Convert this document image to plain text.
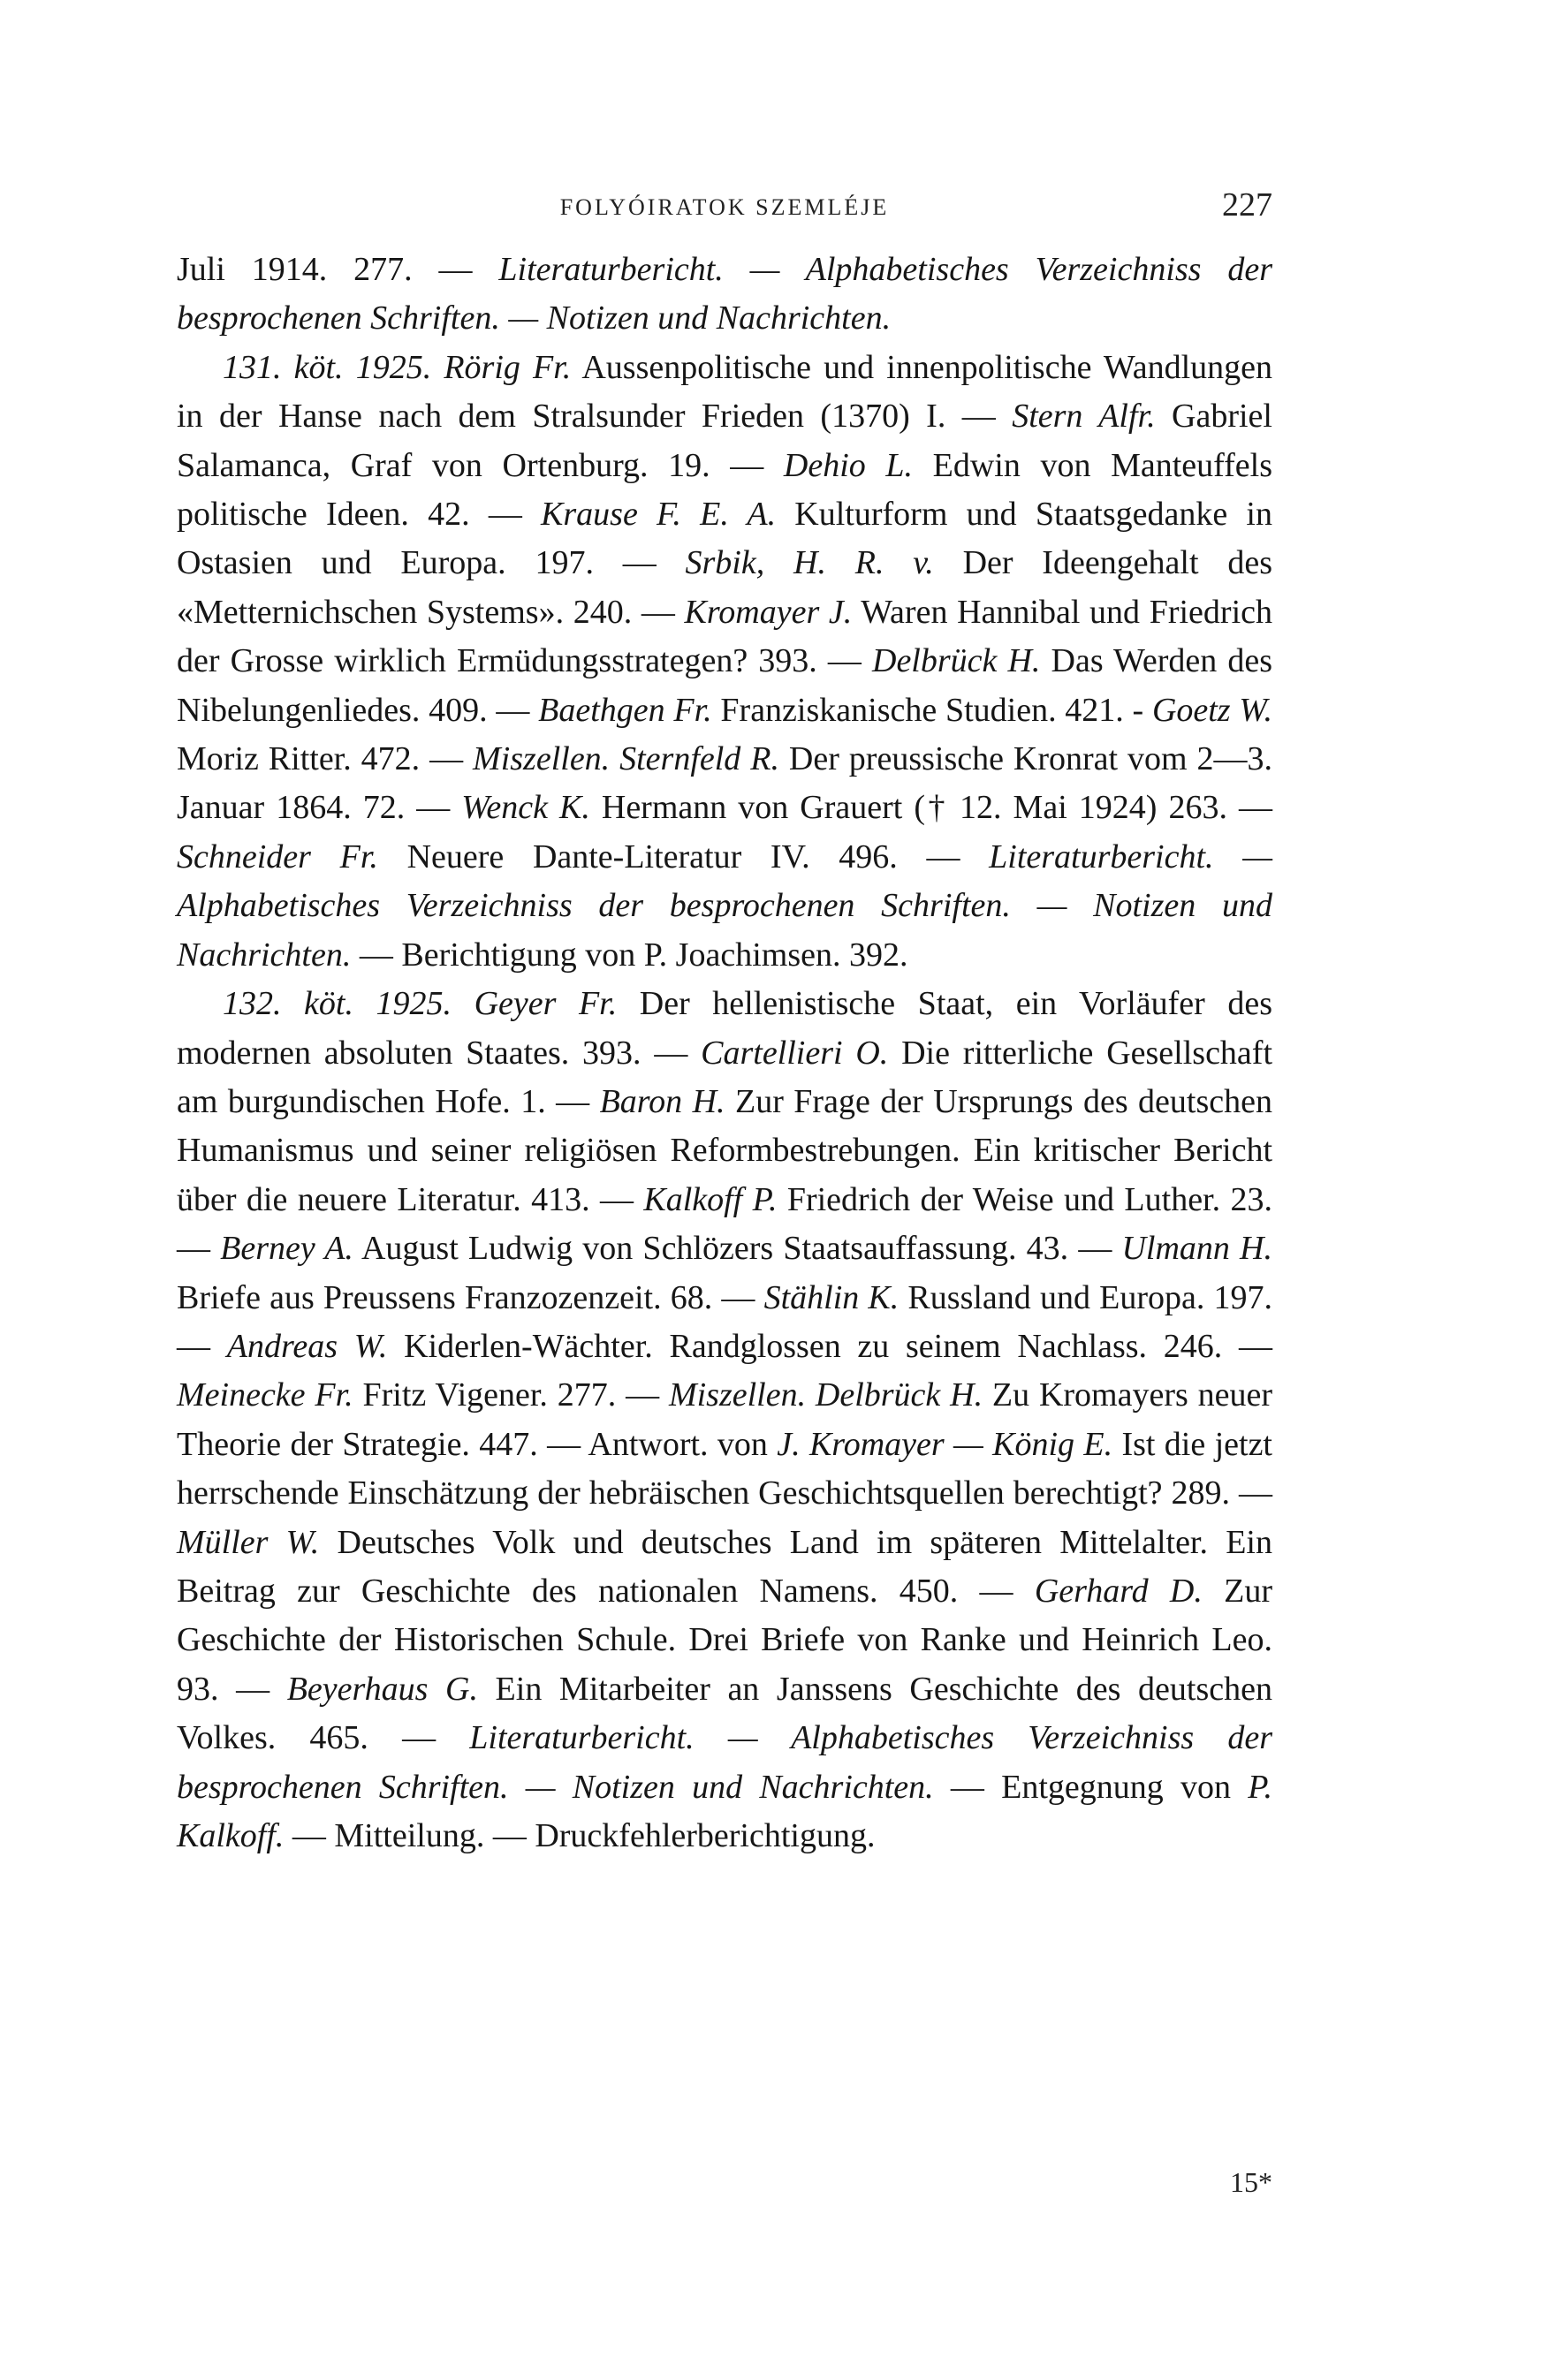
FOLYÓIRATOK SZEMLÉJE	227

Juli 1914. 277. — Literaturbericht. — Alphabetisches Verzeichniss der besprochenen Schriften. — Notizen und Nachrichten.

131. köt. 1925. Rörig Fr. Aussenpolitische und innenpolitische Wandlungen in der Hanse nach dem Stralsunder Frieden (1370) I. — Stern Alfr. Gabriel Salamanca, Graf von Ortenburg. 19. — Dehio L. Edwin von Manteuffels politische Ideen. 42. — Krause F. E. A. Kulturform und Staatsgedanke in Ostasien und Europa. 197. — Srbik, H. R. v. Der Ideengehalt des «Metternichschen Systems». 240. — Kromayer J. Waren Hannibal und Friedrich der Grosse wirklich Ermüdungsstrategen? 393. — Delbrück H. Das Werden des Nibelungenliedes. 409. — Baethgen Fr. Franziskanische Studien. 421. - Goetz W. Moriz Ritter. 472. — Miszellen. Sternfeld R. Der preussische Kronrat vom 2—3. Januar 1864. 72. — Wenck K. Hermann von Grauert († 12. Mai 1924) 263. — Schneider Fr. Neuere Dante-Literatur IV. 496. — Literaturbericht. — Alphabetisches Verzeichniss der besprochenen Schriften. — Notizen und Nachrichten. — Berichtigung von P. Joachimsen. 392.

132. köt. 1925. Geyer Fr. Der hellenistische Staat, ein Vorläufer des modernen absoluten Staates. 393. — Cartellieri O. Die ritterliche Gesellschaft am burgundischen Hofe. 1. — Baron H. Zur Frage der Ursprungs des deutschen Humanismus und seiner religiösen Reformbestrebungen. Ein kritischer Bericht über die neuere Literatur. 413. — Kalkoff P. Friedrich der Weise und Luther. 23. — Berney A. August Ludwig von Schlözers Staatsauffassung. 43. — Ulmann H. Briefe aus Preussens Franzozenzeit. 68. — Stählin K. Russland und Europa. 197. — Andreas W. Kiderlen-Wächter. Randglossen zu seinem Nachlass. 246. — Meinecke Fr. Fritz Vigener. 277. — Miszellen. Delbrück H. Zu Kromayers neuer Theorie der Strategie. 447. — Antwort. von J. Kromayer — König E. Ist die jetzt herrschende Einschätzung der hebräischen Geschichtsquellen berechtigt? 289. — Müller W. Deutsches Volk und deutsches Land im späteren Mittelalter. Ein Beitrag zur Geschichte des nationalen Namens. 450. — Gerhard D. Zur Geschichte der Historischen Schule. Drei Briefe von Ranke und Heinrich Leo. 93. — Beyerhaus G. Ein Mitarbeiter an Janssens Geschichte des deutschen Volkes. 465. — Literaturbericht. — Alphabetisches Verzeichniss der besprochenen Schriften. — Notizen und Nachrichten. — Entgegnung von P. Kalkoff. — Mitteilung. — Druckfehlerberichtigung.

15*
